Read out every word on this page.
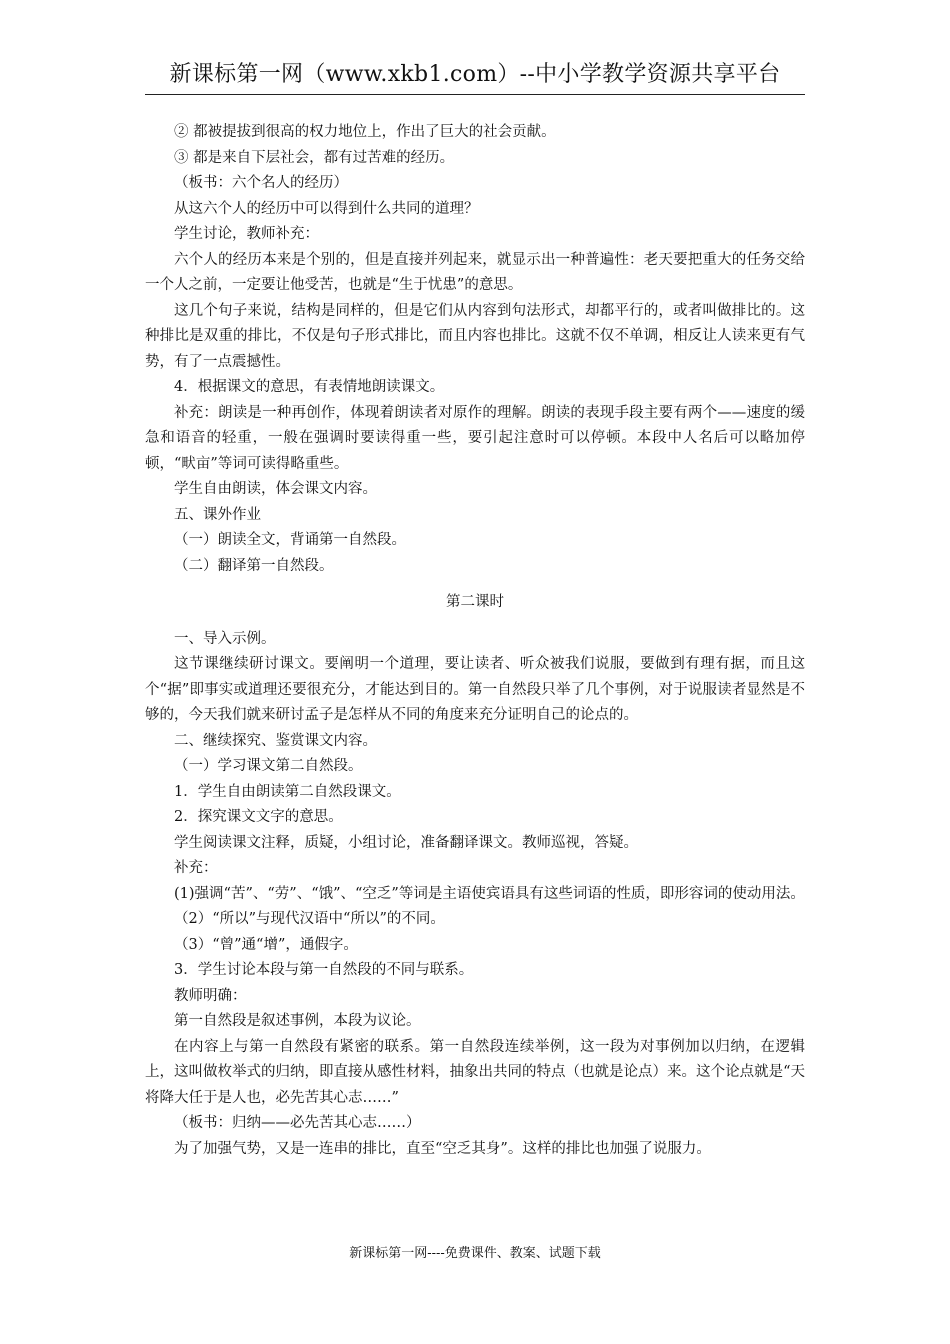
新课标第一网（www.xkb1.com）--中小学教学资源共享平台

② 都被提拔到很高的权力地位上，作出了巨大的社会贡献。

③ 都是来自下层社会，都有过苦难的经历。

（板书：六个名人的经历）

从这六个人的经历中可以得到什么共同的道理？

学生讨论，教师补充：

六个人的经历本来是个别的，但是直接并列起来，就显示出一种普遍性：老天要把重大的任务交给一个人之前，一定要让他受苦，也就是“生于忧患”的意思。

这几个句子来说，结构是同样的，但是它们从内容到句法形式，却都平行的，或者叫做排比的。这种排比是双重的排比，不仅是句子形式排比，而且内容也排比。这就不仅不单调，相反让人读来更有气势，有了一点震撼性。

4．根据课文的意思，有表情地朗读课文。

补充：朗读是一种再创作，体现着朗读者对原作的理解。朗读的表现手段主要有两个——速度的缓急和语音的轻重，一般在强调时要读得重一些，要引起注意时可以停顿。本段中人名后可以略加停顿，“畎亩”等词可读得略重些。

学生自由朗读，体会课文内容。

五、课外作业

（一）朗读全文，背诵第一自然段。

（二）翻译第一自然段。

第二课时

一、导入示例。

这节课继续研讨课文。要阐明一个道理，要让读者、听众被我们说服，要做到有理有据，而且这个“据”即事实或道理还要很充分，才能达到目的。第一自然段只举了几个事例，对于说服读者显然是不够的，今天我们就来研讨孟子是怎样从不同的角度来充分证明自己的论点的。

二、继续探究、鉴赏课文内容。

（一）学习课文第二自然段。

1．学生自由朗读第二自然段课文。

2．探究课文文字的意思。

学生阅读课文注释，质疑，小组讨论，准备翻译课文。教师巡视，答疑。

补充：

(1)强调“苦”、“劳”、“饿”、“空乏”等词是主语使宾语具有这些词语的性质，即形容词的使动用法。

（2）“所以”与现代汉语中“所以”的不同。

（3）“曾”通“增”，通假字。

3．学生讨论本段与第一自然段的不同与联系。

教师明确：

第一自然段是叙述事例，本段为议论。

在内容上与第一自然段有紧密的联系。第一自然段连续举例，这一段为对事例加以归纳，在逻辑上，这叫做枚举式的归纳，即直接从感性材料，抽象出共同的特点（也就是论点）来。这个论点就是“天将降大任于是人也，必先苦其心志……”

（板书：归纳——必先苦其心志……）

为了加强气势，又是一连串的排比，直至“空乏其身”。这样的排比也加强了说服力。

新课标第一网----免费课件、教案、试题下载
